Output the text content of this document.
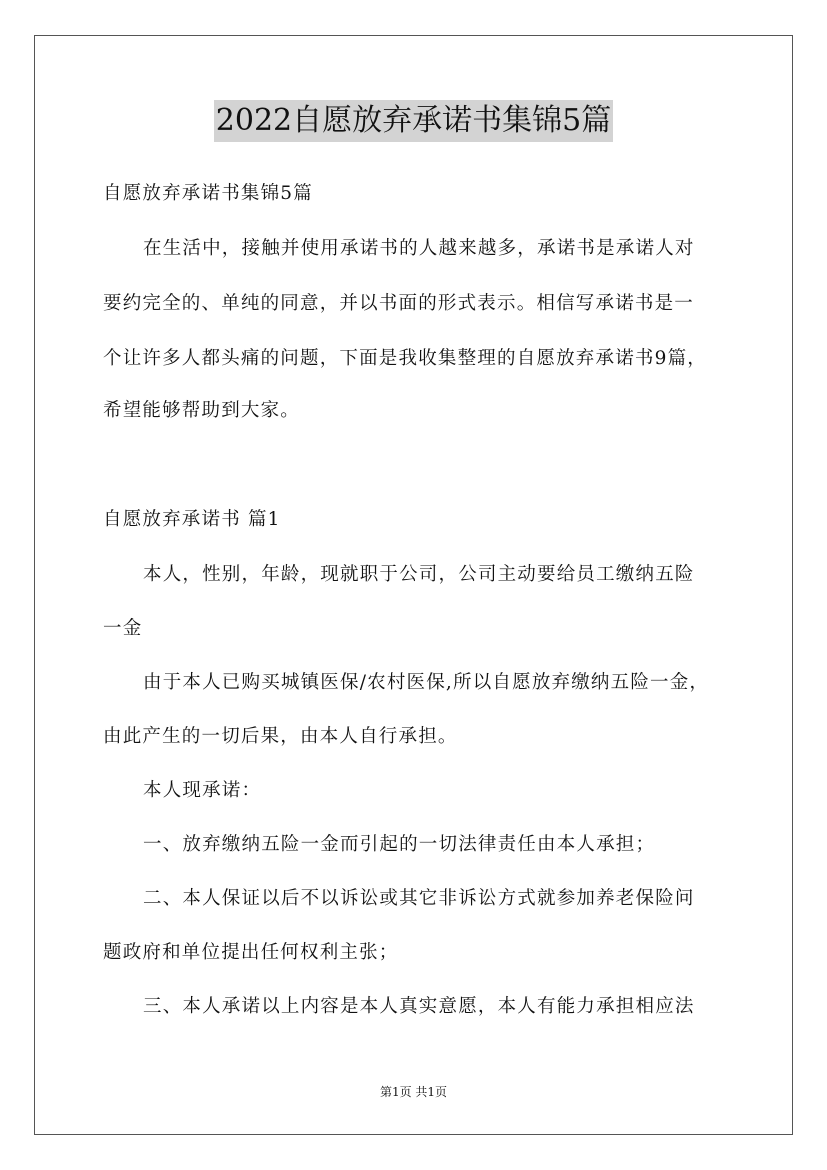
2022自愿放弃承诺书集锦5篇
自愿放弃承诺书集锦5篇
在生活中，接触并使用承诺书的人越来越多，承诺书是承诺人对
要约完全的、单纯的同意，并以书面的形式表示。相信写承诺书是一
个让许多人都头痛的问题，下面是我收集整理的自愿放弃承诺书9篇，
希望能够帮助到大家。
自愿放弃承诺书 篇1
本人，性别，年龄，现就职于公司，公司主动要给员工缴纳五险
一金
由于本人已购买城镇医保/农村医保,所以自愿放弃缴纳五险一金，
由此产生的一切后果，由本人自行承担。
本人现承诺：
一、放弃缴纳五险一金而引起的一切法律责任由本人承担；
二、本人保证以后不以诉讼或其它非诉讼方式就参加养老保险问
题政府和单位提出任何权利主张；
三、本人承诺以上内容是本人真实意愿，本人有能力承担相应法
第1页 共1页
